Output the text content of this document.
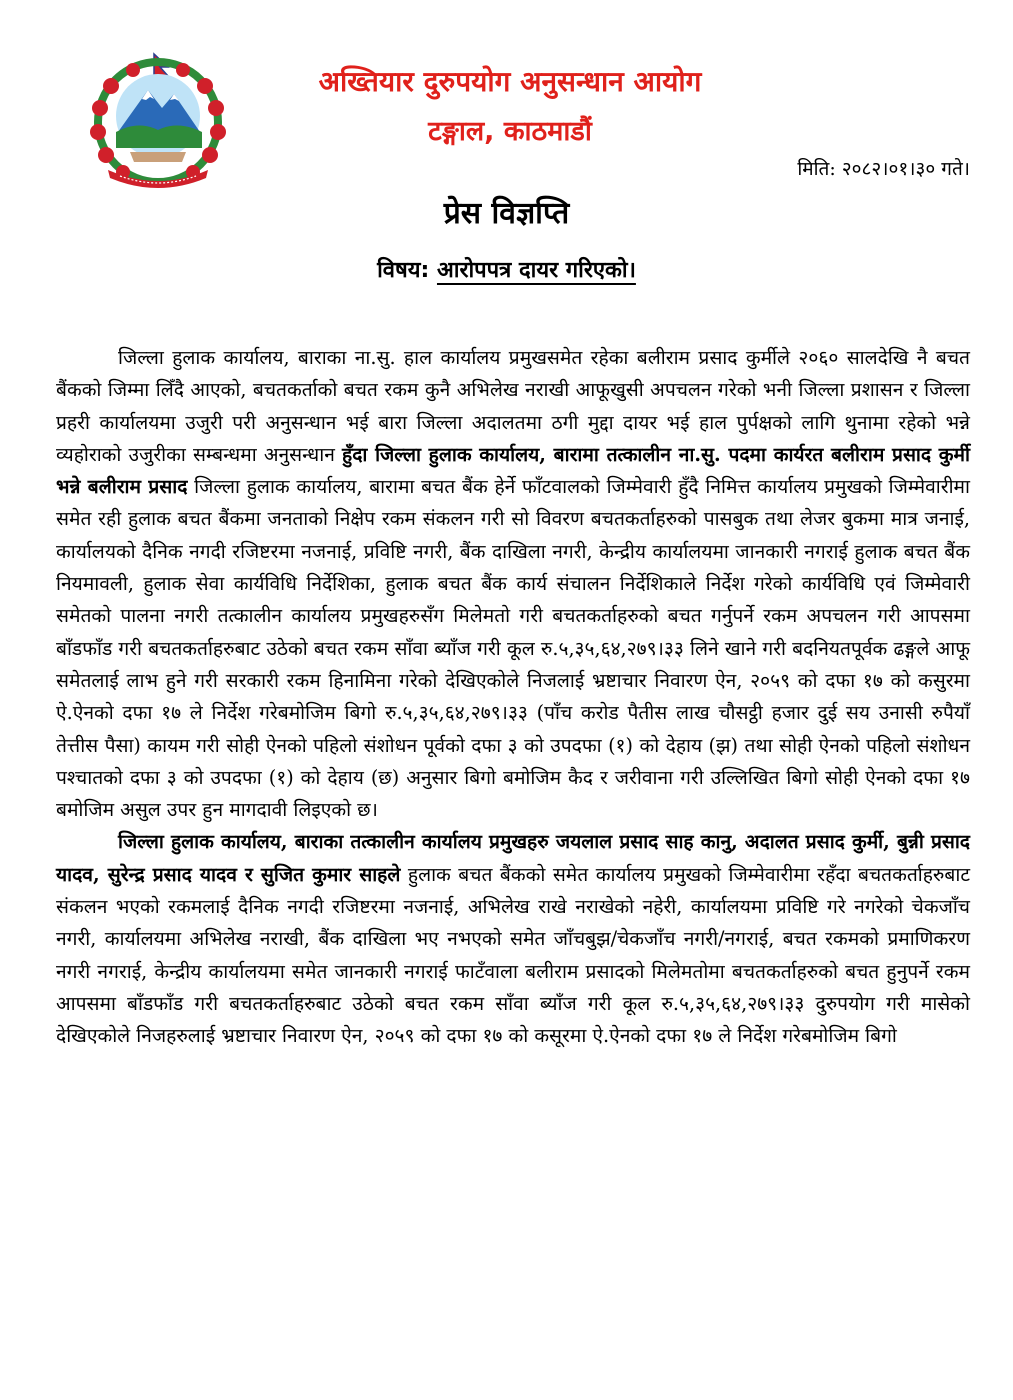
अख्तियार दुरुपयोग अनुसन्धान आयोग
टङ्गाल, काठमाडौं
मिति: २०८२।०१।३० गते।
प्रेस विज्ञप्ति
विषय: आरोपपत्र दायर गरिएको।

जिल्ला हुलाक कार्यालय, बाराका ना.सु. हाल कार्यालय प्रमुखसमेत रहेका बलीराम प्रसाद कुर्मीले २०६० सालदेखि नै बचत बैंकको जिम्मा लिँदै आएको, बचतकर्ताको बचत रकम कुनै अभिलेख नराखी आफूखुसी अपचलन गरेको भनी जिल्ला प्रशासन र जिल्ला प्रहरी कार्यालयमा उजुरी परी अनुसन्धान भई बारा जिल्ला अदालतमा ठगी मुद्दा दायर भई हाल पुर्पक्षको लागि थुनामा रहेको भन्ने व्यहोराको उजुरीका सम्बन्धमा अनुसन्धान हुँदा जिल्ला हुलाक कार्यालय, बारामा तत्कालीन ना.सु. पदमा कार्यरत बलीराम प्रसाद कुर्मी भन्ने बलीराम प्रसाद जिल्ला हुलाक कार्यालय, बारामा बचत बैंक हेर्ने फाँटवालको जिम्मेवारी हुँदै निमित्त कार्यालय प्रमुखको जिम्मेवारीमा समेत रही हुलाक बचत बैंकमा जनताको निक्षेप रकम संकलन गरी सो विवरण बचतकर्ताहरुको पासबुक तथा लेजर बुकमा मात्र जनाई, कार्यालयको दैनिक नगदी रजिष्टरमा नजनाई, प्रविष्टि नगरी, बैंक दाखिला नगरी, केन्द्रीय कार्यालयमा जानकारी नगराई हुलाक बचत बैंक नियमावली, हुलाक सेवा कार्यविधि निर्देशिका, हुलाक बचत बैंक कार्य संचालन निर्देशिकाले निर्देश गरेको कार्यविधि एवं जिम्मेवारी समेतको पालना नगरी तत्कालीन कार्यालय प्रमुखहरुसँग मिलेमतो गरी बचतकर्ताहरुको बचत गर्नुपर्ने रकम अपचलन गरी आपसमा बाँडफाँड गरी बचतकर्ताहरुबाट उठेको बचत रकम साँवा ब्याँज गरी कूल रु.५,३५,६४,२७९।३३ लिने खाने गरी बदनियतपूर्वक ढङ्गले आफू समेतलाई लाभ हुने गरी सरकारी रकम हिनामिना गरेको देखिएकोले निजलाई भ्रष्टाचार निवारण ऐन, २०५९ को दफा १७ को कसुरमा ऐ.ऐनको दफा १७ ले निर्देश गरेबमोजिम बिगो रु.५,३५,६४,२७९।३३ (पाँच करोड पैतीस लाख चौसट्ठी हजार दुई सय उनासी रुपैयाँ तेत्तीस पैसा) कायम गरी सोही ऐनको पहिलो संशोधन पूर्वको दफा ३ को उपदफा (१) को देहाय (झ) तथा सोही ऐनको पहिलो संशोधन पश्चातको दफा ३ को उपदफा (१) को देहाय (छ) अनुसार बिगो बमोजिम कैद र जरीवाना गरी उल्लिखित बिगो सोही ऐनको दफा १७ बमोजिम असुल उपर हुन मागदावी लिइएको छ।

जिल्ला हुलाक कार्यालय, बाराका तत्कालीन कार्यालय प्रमुखहरु जयलाल प्रसाद साह कानु, अदालत प्रसाद कुर्मी, बुन्नी प्रसाद यादव, सुरेन्द्र प्रसाद यादव र सुजित कुमार साहले हुलाक बचत बैंकको समेत कार्यालय प्रमुखको जिम्मेवारीमा रहँदा बचतकर्ताहरुबाट संकलन भएको रकमलाई दैनिक नगदी रजिष्टरमा नजनाई, अभिलेख राखे नराखेको नहेरी, कार्यालयमा प्रविष्टि गरे नगरेको चेकजाँच नगरी, कार्यालयमा अभिलेख नराखी, बैंक दाखिला भए नभएको समेत जाँचबुझ/चेकजाँच नगरी/नगराई, बचत रकमको प्रमाणिकरण नगरी नगराई, केन्द्रीय कार्यालयमा समेत जानकारी नगराई फाटँवाला बलीराम प्रसादको मिलेमतोमा बचतकर्ताहरुको बचत हुनुपर्ने रकम आपसमा बाँडफाँड गरी बचतकर्ताहरुबाट उठेको बचत रकम साँवा ब्याँज गरी कूल रु.५,३५,६४,२७९।३३ दुरुपयोग गरी मासेको देखिएकोले निजहरुलाई भ्रष्टाचार निवारण ऐन, २०५९ को दफा १७ को कसूरमा ऐ.ऐनको दफा १७ ले निर्देश गरेबमोजिम बिगो
